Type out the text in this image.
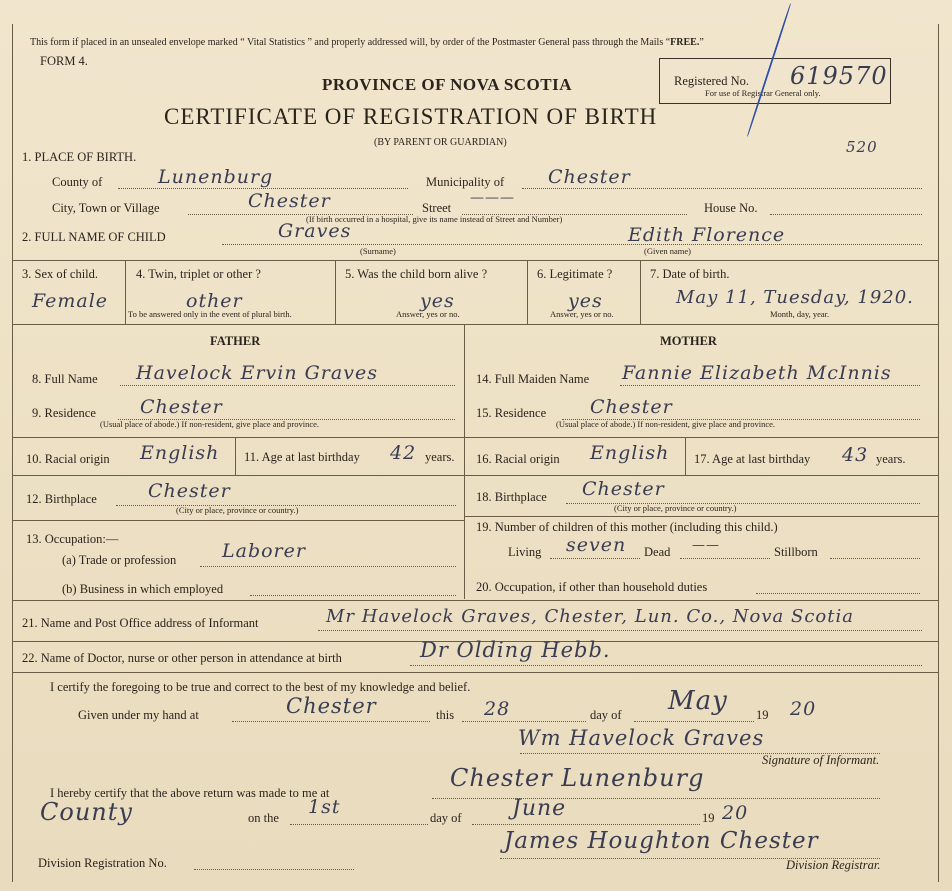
This form if placed in an unsealed envelope marked “ Vital Statistics ” and properly addressed will, by order of the Postmaster General pass through the Mails “FREE.”
FORM 4.
PROVINCE OF NOVA SCOTIA
CERTIFICATE OF REGISTRATION OF BIRTH
(BY PARENT OR GUARDIAN)
Registered No. 619570
For use of Registrar General only.
520
1. PLACE OF BIRTH.
County of	Lunenburg	Municipality of Chester
City, Town or Village	Chester	Street
———
House No.
(If birth occurred in a hospital, give its name instead of Street and Number)
2. FULL NAME OF CHILD	Graves
(Surname)
Edith Florence
(Given name)
3. Sex of child.
Female
4. Twin, triplet or other ?
other
To be answered only in the event of plural birth.
5. Was the child born alive ?
yes
Answer, yes or no.
6. Legitimate ?
yes
Answer, yes or no.
7. Date of birth.
May 11, Tuesday, 1920.
Month, day, year.
FATHER	MOTHER
8. Full Name Havelock Ervin Graves
9. Residence Chester
(Usual place of abode.) If non-resident, give place and province.
10. Racial origin English 11. Age at last birthday 42 years.
12. Birthplace	Chester
(City or place, province or country.)
13. Occupation:—
(a) Trade or profession Laborer
(b) Business in which employed
14. Full Maiden Name Fannie Elizabeth McInnis
15. Residence Chester
(Usual place of abode.) If non-resident, give place and province.
16. Racial origin English 17. Age at last birthday 43 years.
18. Birthplace Chester
(City or place, province or country.)
19. Number of children of this mother (including this child.)
Living seven Dead ——	Stillborn
20. Occupation, if other than household duties
21. Name and Post Office address of Informant	Mr Havelock Graves, Chester, Lun. Co., Nova Scotia
22. Name of Doctor, nurse or other person in attendance at birth	Dr Olding Hebb.
I certify the foregoing to be true and correct to the best of my knowledge and belief.
Given under my hand at	Chester	this 28	day of May 19 20
Wm Havelock Graves
Signature of Informant.
I hereby certify that the above return was made to me at
Chester Lunenburg
County	on the 1st	day of June	19 20
James Houghton Chester
Division Registrar.
Division Registration No.
